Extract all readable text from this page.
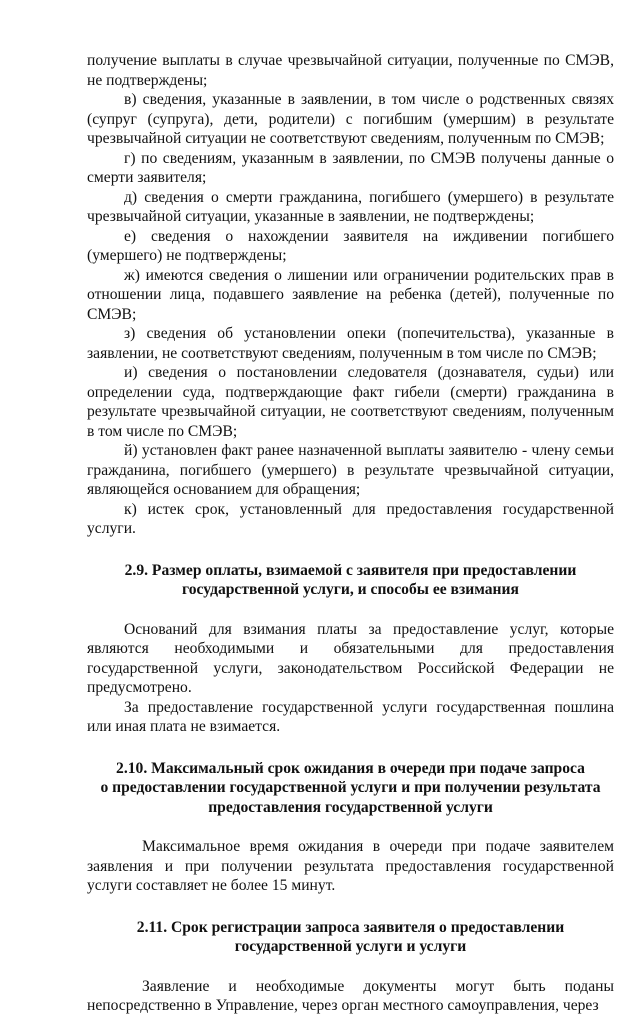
получение выплаты в случае чрезвычайной ситуации, полученные по СМЭВ, не подтверждены;

в) сведения, указанные в заявлении, в том числе о родственных связях (супруг (супруга), дети, родители) с погибшим (умершим) в результате чрезвычайной ситуации не соответствуют сведениям, полученным по СМЭВ;

г) по сведениям, указанным в заявлении, по СМЭВ получены данные о смерти заявителя;

д) сведения о смерти гражданина, погибшего (умершего) в результате чрезвычайной ситуации, указанные в заявлении, не подтверждены;

е) сведения о нахождении заявителя на иждивении погибшего (умершего) не подтверждены;

ж) имеются сведения о лишении или ограничении родительских прав в отношении лица, подавшего заявление на ребенка (детей), полученные по СМЭВ;

з) сведения об установлении опеки (попечительства), указанные в заявлении, не соответствуют сведениям, полученным в том числе по СМЭВ;

и) сведения о постановлении следователя (дознавателя, судьи) или определении суда, подтверждающие факт гибели (смерти) гражданина в результате чрезвычайной ситуации, не соответствуют сведениям, полученным в том числе по СМЭВ;

й) установлен факт ранее назначенной выплаты заявителю - члену семьи гражданина, погибшего (умершего) в результате чрезвычайной ситуации, являющейся основанием для обращения;

к) истек срок, установленный для предоставления государственной услуги.

2.9. Размер оплаты, взимаемой с заявителя при предоставлении
государственной услуги, и способы ее взимания

Оснований для взимания платы за предоставление услуг, которые являются необходимыми и обязательными для предоставления государственной услуги, законодательством Российской Федерации не предусмотрено.

За предоставление государственной услуги государственная пошлина или иная плата не взимается.

2.10. Максимальный срок ожидания в очереди при подаче запроса
о предоставлении государственной услуги и при получении результата
предоставления государственной услуги

Максимальное время ожидания в очереди при подаче заявителем заявления и при получении результата предоставления государственной услуги составляет не более 15 минут.

2.11. Срок регистрации запроса заявителя о предоставлении
государственной услуги и услуги

Заявление и необходимые документы могут быть поданы непосредственно в Управление, через орган местного самоуправления, через
